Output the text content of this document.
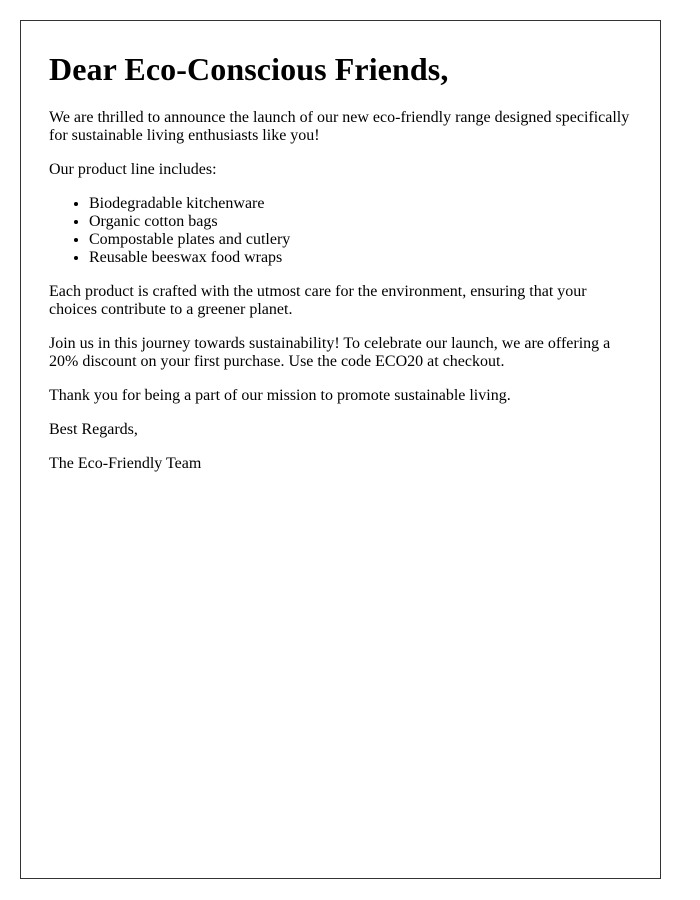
Dear Eco-Conscious Friends,

We are thrilled to announce the launch of our new eco-friendly range designed specifically for sustainable living enthusiasts like you!

Our product line includes:

• Biodegradable kitchenware
• Organic cotton bags
• Compostable plates and cutlery
• Reusable beeswax food wraps

Each product is crafted with the utmost care for the environment, ensuring that your choices contribute to a greener planet.

Join us in this journey towards sustainability! To celebrate our launch, we are offering a 20% discount on your first purchase. Use the code ECO20 at checkout.

Thank you for being a part of our mission to promote sustainable living.

Best Regards,

The Eco-Friendly Team
